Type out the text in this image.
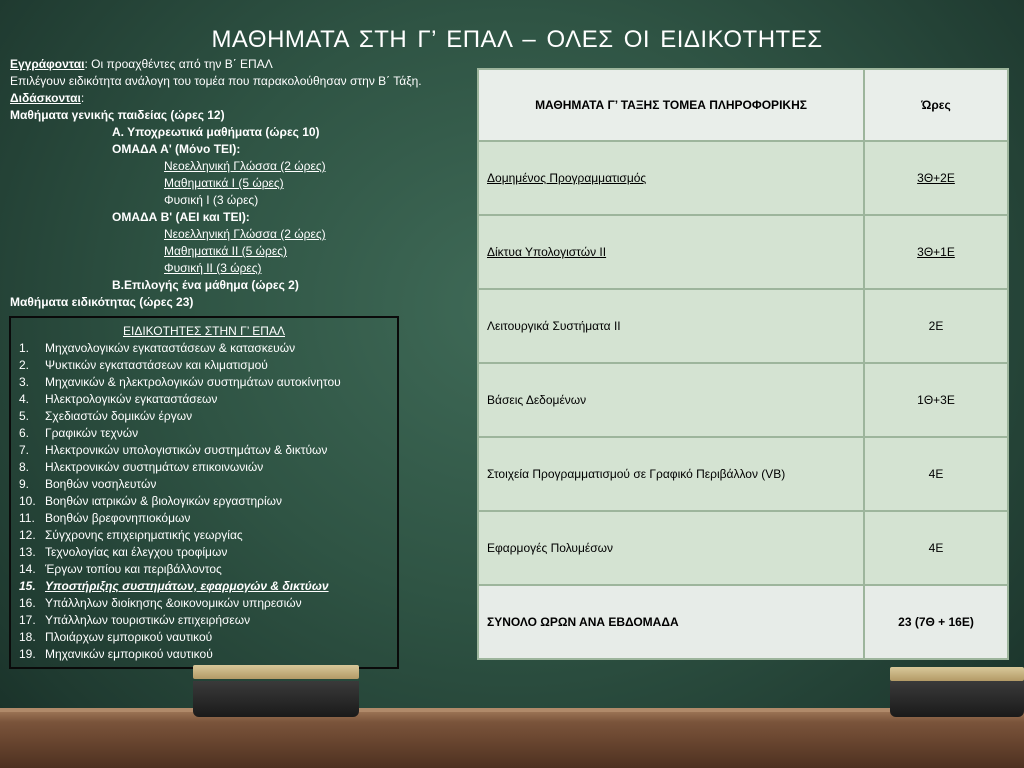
ΜΑΘΗΜΑΤΑ ΣΤΗ Γ’ ΕΠΑΛ – ΟΛΕΣ ΟΙ ΕΙΔΙΚΟΤΗΤΕΣ
Εγγράφονται: Οι προαχθέντες από την Β΄ ΕΠΑΛ
Επιλέγουν ειδικότητα ανάλογη του τομέα που παρακολούθησαν στην Β΄ Τάξη.
Διδάσκονται:
Μαθήματα γενικής παιδείας (ώρες 12)
Α. Υποχρεωτικά μαθήματα (ώρες 10)
ΟΜΑΔΑ Α' (Μόνο ΤΕΙ):
Νεοελληνική Γλώσσα (2 ώρες)
Μαθηματικά Ι (5 ώρες)
Φυσική Ι (3 ώρες)
ΟΜΑΔΑ Β' (ΑΕΙ και ΤΕΙ):
Νεοελληνική Γλώσσα (2 ώρες)
Μαθηματικά ΙΙ (5 ώρες)
Φυσική ΙΙ (3 ώρες)
Β.Επιλογής ένα μάθημα (ώρες 2)
Μαθήματα ειδικότητας (ώρες 23)
ΕΙΔΙΚΟΤΗΤΕΣ ΣΤΗΝ Γ’ ΕΠΑΛ
1.	Μηχανολογικών εγκαταστάσεων & κατασκευών
2.	Ψυκτικών εγκαταστάσεων και κλιματισμού
3.	Μηχανικών & ηλεκτρολογικών συστημάτων αυτοκίνητου
4.	Ηλεκτρολογικών εγκαταστάσεων
5.	Σχεδιαστών δομικών έργων
6.	Γραφικών τεχνών
7.	Ηλεκτρονικών υπολογιστικών συστημάτων & δικτύων
8.	Ηλεκτρονικών συστημάτων επικοινωνιών
9.	Βοηθών νοσηλευτών
10. Βοηθών ιατρικών & βιολογικών εργαστηρίων
11. Βοηθών βρεφονηπιοκόμων
12. Σύγχρονης επιχειρηματικής γεωργίας
13. Τεχνολογίας και έλεγχου τροφίμων
14. Έργων τοπίου και περιβάλλοντος
15. Υποστήριξης συστημάτων, εφαρμογών & δικτύων
16. Υπάλληλων διοίκησης &οικονομικών υπηρεσιών
17. Υπάλληλων τουριστικών επιχειρήσεων
18. Πλοιάρχων εμπορικού ναυτικού
19. Μηχανικών εμπορικού ναυτικού
ΜΑΘΗΜΑΤΑ Γ’ ΤΑΞΗΣ ΤΟΜΕΑ ΠΛΗΡΟΦΟΡΙΚΗΣ	Ώρες
Δομημένος Προγραμματισμός	3Θ+2Ε
Δίκτυα Υπολογιστών ΙΙ	3Θ+1Ε
Λειτουργικά Συστήματα ΙΙ	2Ε
Βάσεις Δεδομένων	1Θ+3Ε
Στοιχεία Προγραμματισμού σε Γραφικό Περιβάλλον (VB)	4Ε
Εφαρμογές Πολυμέσων	4Ε
ΣΥΝΟΛΟ ΩΡΩΝ ΑΝΑ ΕΒΔΟΜΑΔΑ	23 (7Θ + 16Ε)
